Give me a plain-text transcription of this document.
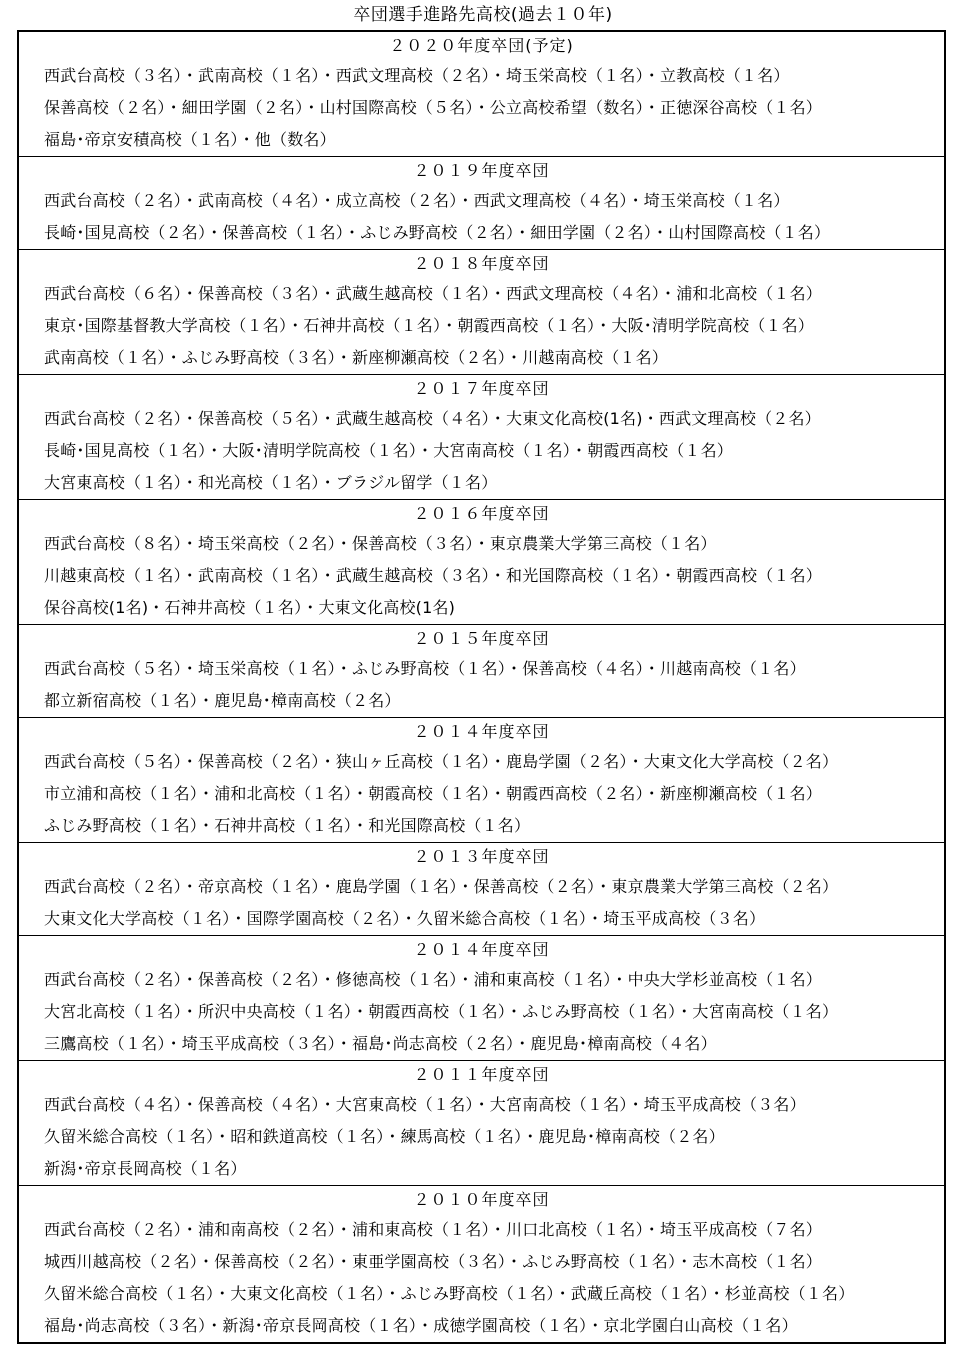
卒団選手進路先高校(過去１０年)
２０２０年度卒団(予定)
西武台高校（３名）・武南高校（１名）・西武文理高校（２名）・埼玉栄高校（１名）・立教高校（１名）
保善高校（２名）・細田学園（２名）・山村国際高校（５名）・公立高校希望（数名）・正徳深谷高校（１名）
福島･帝京安積高校（１名）・他（数名）
２０１９年度卒団
西武台高校（２名）・武南高校（４名）・成立高校（２名）・西武文理高校（４名）・埼玉栄高校（１名）
長崎･国見高校（２名）・保善高校（１名）・ふじみ野高校（２名）・細田学園（２名）・山村国際高校（１名）
２０１８年度卒団
西武台高校（６名）・保善高校（３名）・武蔵生越高校（１名）・西武文理高校（４名）・浦和北高校（１名）
東京･国際基督教大学高校（１名）・石神井高校（１名）・朝霞西高校（１名）・大阪･清明学院高校（１名）
武南高校（１名）・ふじみ野高校（３名）・新座柳瀬高校（２名）・川越南高校（１名）
２０１７年度卒団
西武台高校（２名）・保善高校（５名）・武蔵生越高校（４名）・大東文化高校(1名)・西武文理高校（２名）
長崎･国見高校（１名）・大阪･清明学院高校（１名）・大宮南高校（１名）・朝霞西高校（１名）
大宮東高校（１名）・和光高校（１名）・ブラジル留学（１名）
２０１６年度卒団
西武台高校（８名）・埼玉栄高校（２名）・保善高校（３名）・東京農業大学第三高校（１名）
川越東高校（１名）・武南高校（１名）・武蔵生越高校（３名）・和光国際高校（１名）・朝霞西高校（１名）
保谷高校(1名)・石神井高校（１名）・大東文化高校(1名)
２０１５年度卒団
西武台高校（５名）・埼玉栄高校（１名）・ふじみ野高校（１名）・保善高校（４名）・川越南高校（１名）
都立新宿高校（１名）・鹿児島･樟南高校（２名）
２０１４年度卒団
西武台高校（５名）・保善高校（２名）・狭山ヶ丘高校（１名）・鹿島学園（２名）・大東文化大学高校（２名）
市立浦和高校（１名）・浦和北高校（１名）・朝霞高校（１名）・朝霞西高校（２名）・新座柳瀬高校（１名）
ふじみ野高校（１名）・石神井高校（１名）・和光国際高校（１名）
２０１３年度卒団
西武台高校（２名）・帝京高校（１名）・鹿島学園（１名）・保善高校（２名）・東京農業大学第三高校（２名）
大東文化大学高校（１名）・国際学園高校（２名）・久留米総合高校（１名）・埼玉平成高校（３名）
２０１４年度卒団
西武台高校（２名）・保善高校（２名）・修徳高校（１名）・浦和東高校（１名）・中央大学杉並高校（１名）
大宮北高校（１名）・所沢中央高校（１名）・朝霞西高校（１名）・ふじみ野高校（１名）・大宮南高校（１名）
三鷹高校（１名）・埼玉平成高校（３名）・福島･尚志高校（２名）・鹿児島･樟南高校（４名）
２０１１年度卒団
西武台高校（４名）・保善高校（４名）・大宮東高校（１名）・大宮南高校（１名）・埼玉平成高校（３名）
久留米総合高校（１名）・昭和鉄道高校（１名）・練馬高校（１名）・鹿児島･樟南高校（２名）
新潟･帝京長岡高校（１名）
２０１０年度卒団
西武台高校（２名）・浦和南高校（２名）・浦和東高校（１名）・川口北高校（１名）・埼玉平成高校（７名）
城西川越高校（２名）・保善高校（２名）・東亜学園高校（３名）・ふじみ野高校（１名）・志木高校（１名）
久留米総合高校（１名）・大東文化高校（１名）・ふじみ野高校（１名）・武蔵丘高校（１名）・杉並高校（１名）
福島･尚志高校（３名）・新潟･帝京長岡高校（１名）・成徳学園高校（１名）・京北学園白山高校（１名）
